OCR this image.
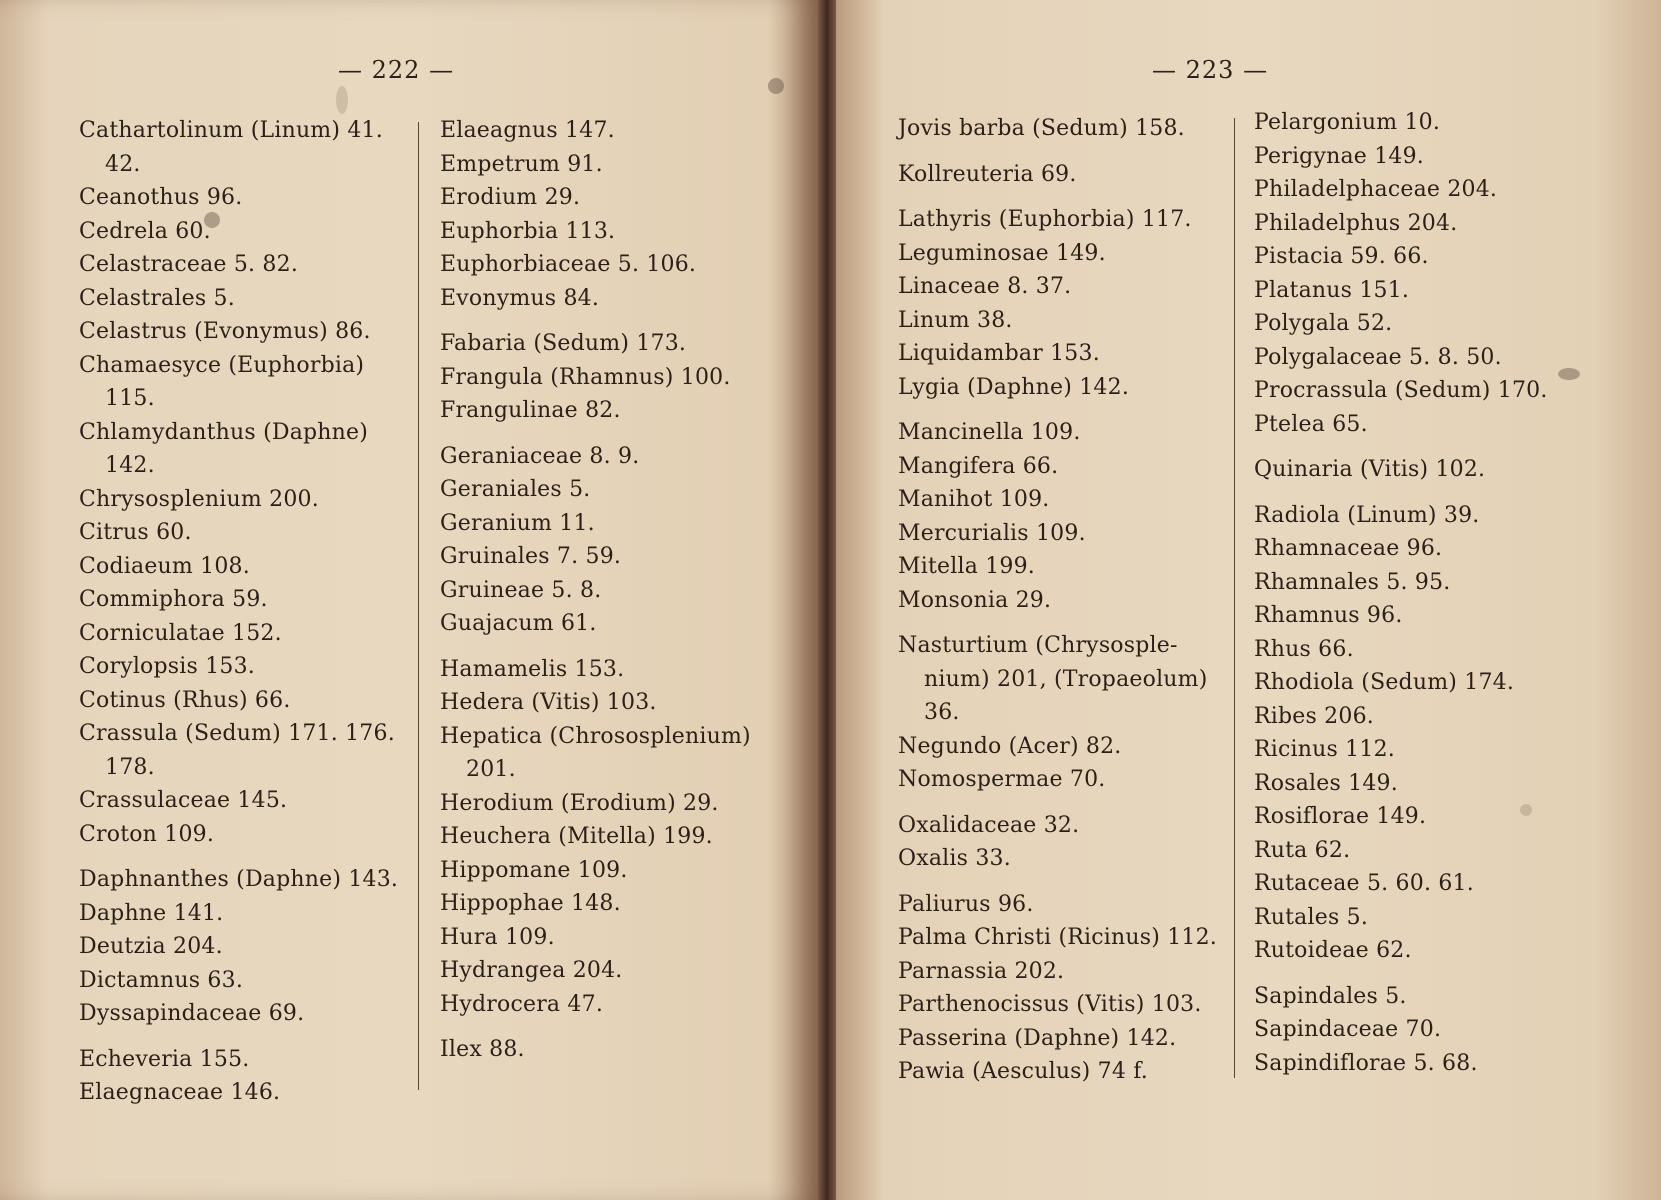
— 222 —
Cathartolinum (Linum) 41. 42.
Ceanothus 96.
Cedrela 60.
Celastraceae 5. 82.
Celastrales 5.
Celastrus (Evonymus) 86.
Chamaesyce (Euphorbia) 115.
Chlamydanthus (Daphne) 142.
Chrysosplenium 200.
Citrus 60.
Codiaeum 108.
Commiphora 59.
Corniculatae 152.
Corylopsis 153.
Cotinus (Rhus) 66.
Crassula (Sedum) 171. 176. 178.
Crassulaceae 145.
Croton 109.
Daphnanthes (Daphne) 143.
Daphne 141.
Deutzia 204.
Dictamnus 63.
Dyssapindaceae 69.
Echeveria 155.
Elaegnaceae 146.
Elaeagnus 147.
Empetrum 91.
Erodium 29.
Euphorbia 113.
Euphorbiaceae 5. 106.
Evonymus 84.
Fabaria (Sedum) 173.
Frangula (Rhamnus) 100.
Frangulinae 82.
Geraniaceae 8. 9.
Geraniales 5.
Geranium 11.
Gruinales 7. 59.
Gruineae 5. 8.
Guajacum 61.
Hamamelis 153.
Hedera (Vitis) 103.
Hepatica (Chrososplenium) 201.
Herodium (Erodium) 29.
Heuchera (Mitella) 199.
Hippomane 109.
Hippophae 148.
Hura 109.
Hydrangea 204.
Hydrocera 47.
Ilex 88.
— 223 —
Jovis barba (Sedum) 158.
Kollreuteria 69.
Lathyris (Euphorbia) 117.
Leguminosae 149.
Linaceae 8. 37.
Linum 38.
Liquidambar 153.
Lygia (Daphne) 142.
Mancinella 109.
Mangifera 66.
Manihot 109.
Mercurialis 109.
Mitella 199.
Monsonia 29.
Nasturtium (Chrysosple-nium) 201, (Tropaeolum) 36.
Negundo (Acer) 82.
Nomospermae 70.
Oxalidaceae 32.
Oxalis 33.
Paliurus 96.
Palma Christi (Ricinus) 112.
Parnassia 202.
Parthenocissus (Vitis) 103.
Passerina (Daphne) 142.
Pawia (Aesculus) 74 f.
Pelargonium 10.
Perigynae 149.
Philadelphaceae 204.
Philadelphus 204.
Pistacia 59. 66.
Platanus 151.
Polygala 52.
Polygalaceae 5. 8. 50.
Procrassula (Sedum) 170.
Ptelea 65.
Quinaria (Vitis) 102.
Radiola (Linum) 39.
Rhamnaceae 96.
Rhamnales 5. 95.
Rhamnus 96.
Rhus 66.
Rhodiola (Sedum) 174.
Ribes 206.
Ricinus 112.
Rosales 149.
Rosiflorae 149.
Ruta 62.
Rutaceae 5. 60. 61.
Rutales 5.
Rutoideae 62.
Sapindales 5.
Sapindaceae 70.
Sapindiflorae 5. 68.
